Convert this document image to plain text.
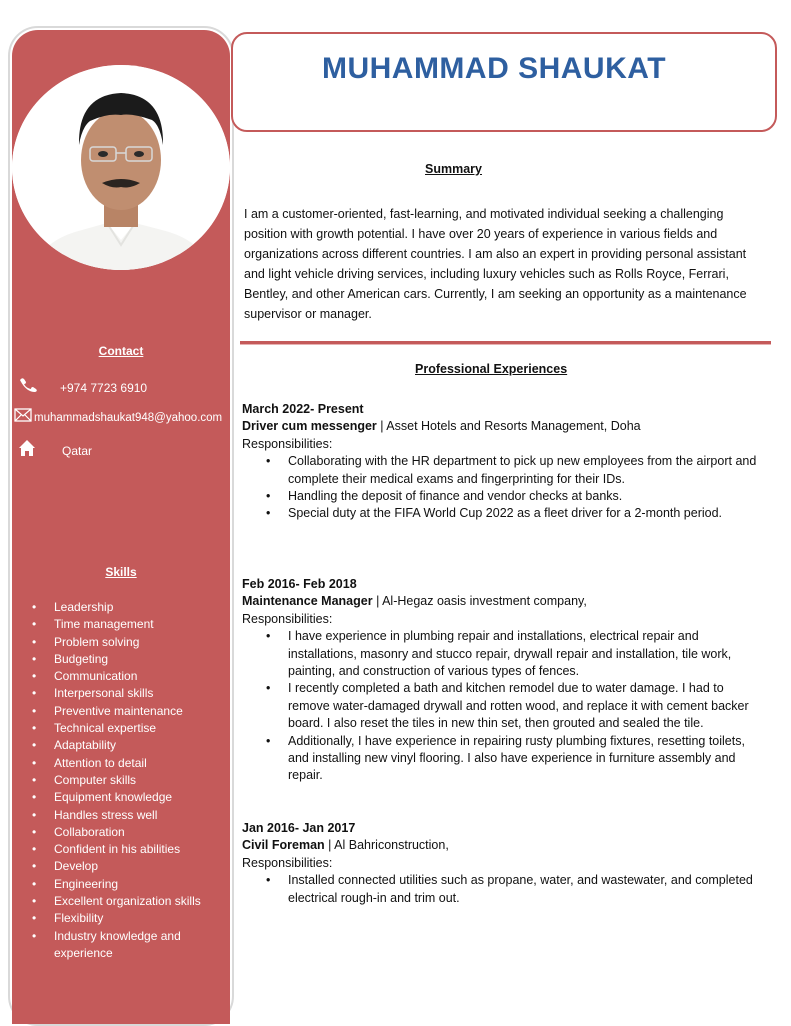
Contact
+974 7723 6910
muhammadshaukat948@yahoo.com
Qatar
Skills
• Leadership
• Time management
• Problem solving
• Budgeting
• Communication
• Interpersonal skills
• Preventive maintenance
• Technical expertise
• Adaptability
• Attention to detail
• Computer skills
• Equipment knowledge
• Handles stress well
• Collaboration
• Confident in his abilities
• Develop
• Engineering
• Excellent organization skills
• Flexibility
• Industry knowledge and experience
MUHAMMAD SHAUKAT
Summary
I am a customer-oriented, fast-learning, and motivated individual seeking a challenging position with growth potential. I have over 20 years of experience in various fields and organizations across different countries. I am also an expert in providing personal assistant and light vehicle driving services, including luxury vehicles such as Rolls Royce, Ferrari, Bentley, and other American cars. Currently, I am seeking an opportunity as a maintenance supervisor or manager.
Professional Experiences
March 2022- Present
Driver cum messenger | Asset Hotels and Resorts Management, Doha
Responsibilities:
• Collaborating with the HR department to pick up new employees from the airport and complete their medical exams and fingerprinting for their IDs.
• Handling the deposit of finance and vendor checks at banks.
• Special duty at the FIFA World Cup 2022 as a fleet driver for a 2-month period.
Feb 2016- Feb 2018
Maintenance Manager | Al-Hegaz oasis investment company,
Responsibilities:
• I have experience in plumbing repair and installations, electrical repair and installations, masonry and stucco repair, drywall repair and installation, tile work, painting, and construction of various types of fences.
• I recently completed a bath and kitchen remodel due to water damage. I had to remove water-damaged drywall and rotten wood, and replace it with cement backer board. I also reset the tiles in new thin set, then grouted and sealed the tile.
• Additionally, I have experience in repairing rusty plumbing fixtures, resetting toilets, and installing new vinyl flooring. I also have experience in furniture assembly and repair.
Jan 2016- Jan 2017
Civil Foreman | Al Bahriconstruction,
Responsibilities:
• Installed connected utilities such as propane, water, and wastewater, and completed electrical rough-in and trim out.
